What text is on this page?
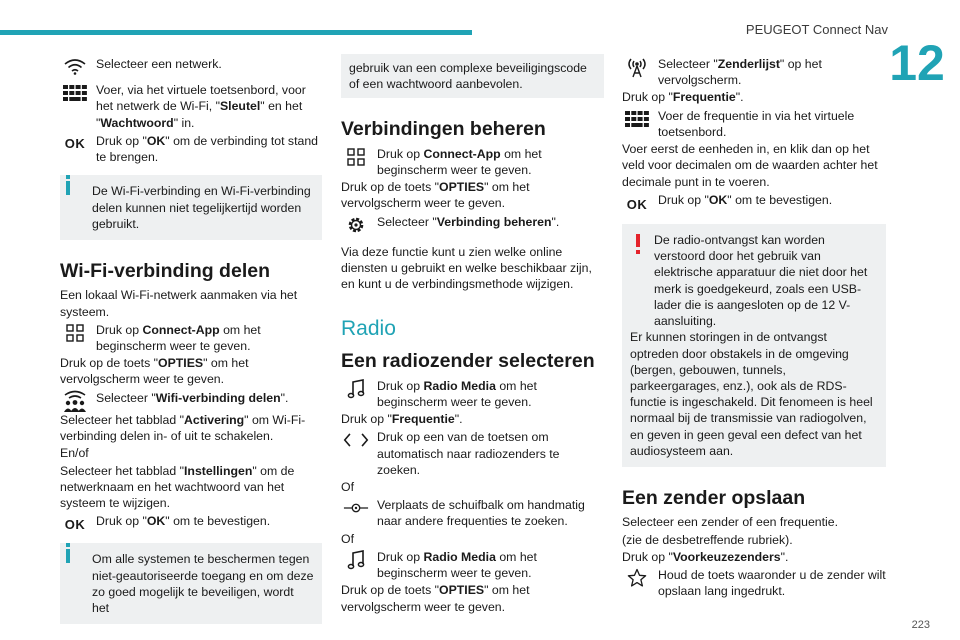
PEUGEOT Connect Nav
12
223

Selecteer een netwerk.

Voer, via het virtuele toetsenbord, voor het netwerk de Wi-Fi, "Sleutel" en het "Wachtwoord" in.

OK Druk op "OK" om de verbinding tot stand te brengen.

De Wi-Fi-verbinding en Wi-Fi-verbinding delen kunnen niet tegelijkertijd worden gebruikt.

Wi-Fi-verbinding delen

Een lokaal Wi-Fi-netwerk aanmaken via het systeem.

Druk op Connect-App om het beginscherm weer te geven.

Druk op de toets "OPTIES" om het vervolgscherm weer te geven.

Selecteer "Wifi-verbinding delen".

Selecteer het tabblad "Activering" om Wi-Fi-verbinding delen in- of uit te schakelen.

En/of

Selecteer het tabblad "Instellingen" om de netwerknaam en het wachtwoord van het systeem te wijzigen.

OK Druk op "OK" om te bevestigen.

Om alle systemen te beschermen tegen niet-geautoriseerde toegang en om deze zo goed mogelijk te beveiligen, wordt het

gebruik van een complexe beveiligingscode of een wachtwoord aanbevolen.

Verbindingen beheren

Druk op Connect-App om het beginscherm weer te geven.

Druk op de toets "OPTIES" om het vervolgscherm weer te geven.

Selecteer "Verbinding beheren".

Via deze functie kunt u zien welke online diensten u gebruikt en welke beschikbaar zijn, en kunt u de verbindingsmethode wijzigen.

Radio
Een radiozender selecteren

Druk op Radio Media om het beginscherm weer te geven.

Druk op "Frequentie".

Druk op een van de toetsen om automatisch naar radiozenders te zoeken.

Of

Verplaats de schuifbalk om handmatig naar andere frequenties te zoeken.

Of

Druk op Radio Media om het beginscherm weer te geven.

Druk op de toets "OPTIES" om het vervolgscherm weer te geven.

Selecteer "Zenderlijst" op het vervolgscherm.

Druk op "Frequentie".

Voer de frequentie in via het virtuele toetsenbord.

Voer eerst de eenheden in, en klik dan op het veld voor decimalen om de waarden achter het decimale punt in te voeren.

OK Druk op "OK" om te bevestigen.

De radio-ontvangst kan worden verstoord door het gebruik van elektrische apparatuur die niet door het merk is goedgekeurd, zoals een USB-lader die is aangesloten op de 12 V-aansluiting.

Er kunnen storingen in de ontvangst optreden door obstakels in de omgeving (bergen, gebouwen, tunnels, parkeergarages, enz.), ook als de RDS-functie is ingeschakeld. Dit fenomeen is heel normaal bij de transmissie van radiogolven, en geven in geen geval een defect van het audiosysteem aan.

Een zender opslaan

Selecteer een zender of een frequentie.

(zie de desbetreffende rubriek).

Druk op "Voorkeuzezenders".

Houd de toets waaronder u de zender wilt opslaan lang ingedrukt.
